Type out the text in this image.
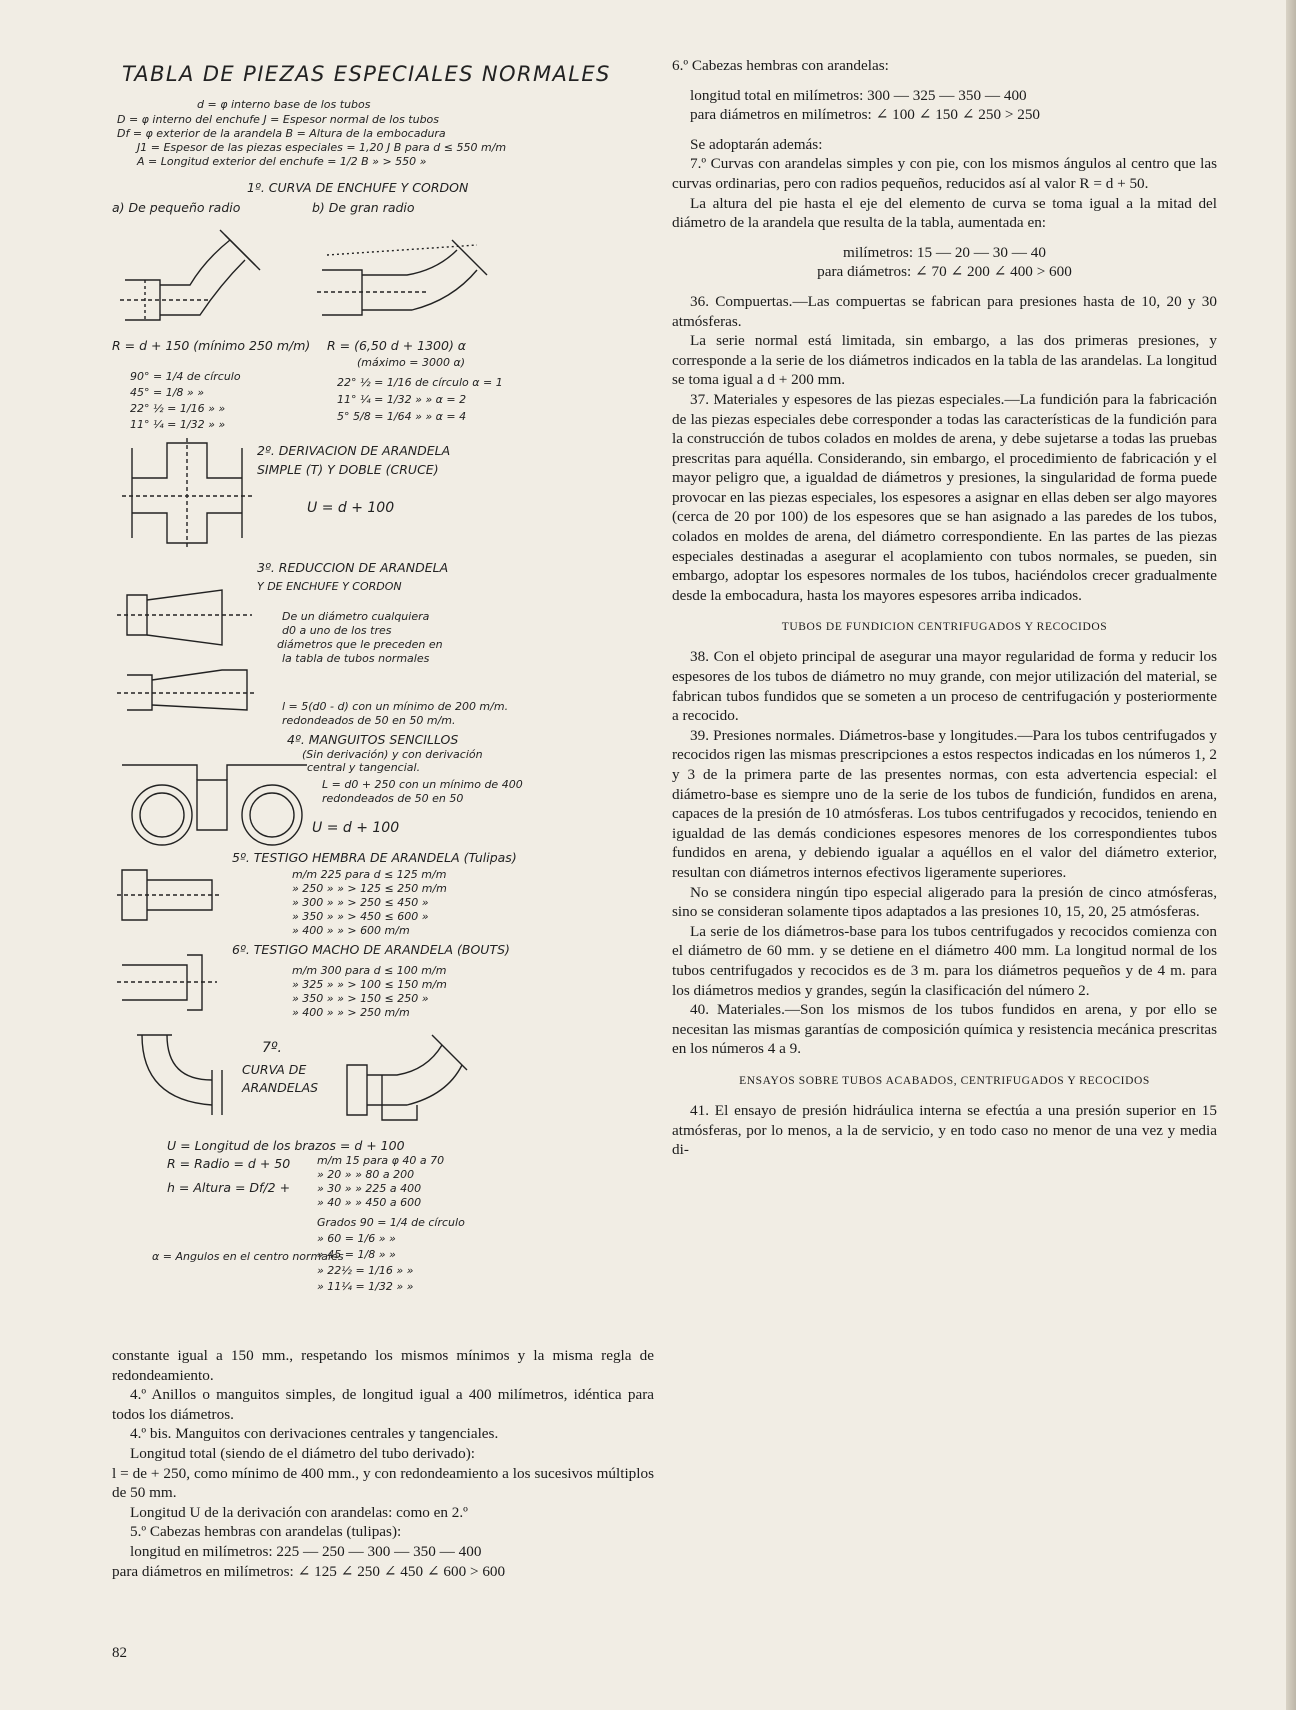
TABLA DE PIEZAS ESPECIALES NORMALES
d = φ interno base de los tubos
D = φ interno del enchufe J = Espesor normal de los tubos
Df = φ exterior de la arandela B = Altura de la embocadura
J1 = Espesor de las piezas especiales = 1,20 J B para d ≤ 550 m/m
A = Longitud exterior del enchufe = 1/2 B » > 550 »
1º. CURVA DE ENCHUFE Y CORDON
a) De pequeño radio	b) De gran radio
R = d + 150 (mínimo 250 m/m) R = (6,50 d + 1300) α
(máximo = 3000 α)
90° = 1/4 de círculo
45° = 1/8 » »
22° ½ = 1/16 » »
11° ¼ = 1/32 » »
22° ½ = 1/16 de círculo α = 1
11° ¼ = 1/32 » » α = 2
5° 5/8 = 1/64 » » α = 4
2º. DERIVACION DE ARANDELA
SIMPLE (T) Y DOBLE (CRUCE)
U = d + 100
3º. REDUCCION DE ARANDELA
Y DE ENCHUFE Y CORDON
De un diámetro cualquiera
d0 a uno de los tres
diámetros que le preceden en
la tabla de tubos normales
l = 5(d0 - d) con un mínimo de 200 m/m.
redondeados de 50 en 50 m/m.
4º. MANGUITOS SENCILLOS
(Sin derivación) y con derivación
central y tangencial.
L = d0 + 250 con un mínimo de 400
redondeados de 50 en 50
U = d + 100
5º. TESTIGO HEMBRA DE ARANDELA (Tulipas)
m/m 225 para d ≤ 125 m/m
» 250 » » > 125 ≤ 250 m/m
» 300 » » > 250 ≤ 450 »
» 350 » » > 450 ≤ 600 »
» 400 » » > 600 m/m
6º. TESTIGO MACHO DE ARANDELA (BOUTS)
m/m 300 para d ≤ 100 m/m
» 325 » » > 100 ≤ 150 m/m
» 350 » » > 150 ≤ 250 »
» 400 » » > 250 m/m
7º.
CURVA DE
ARANDELAS
U = Longitud de los brazos = d + 100
R = Radio = d + 50
h = Altura = Df/2 +
m/m 15 para φ 40 a 70
» 20 » » 80 a 200
» 30 » » 225 a 400
» 40 » » 450 a 600
Grados 90 = 1/4 de círculo
» 60 = 1/6 » »
» 45 = 1/8 » »
» 22½ = 1/16 » »
» 11¼ = 1/32 » »
α = Angulos en el centro normales

constante igual a 150 mm., respetando los mismos mínimos y la misma regla de redondeamiento.

4.º Anillos o manguitos simples, de longitud igual a 400 milímetros, idéntica para todos los diámetros.

4.º bis. Manguitos con derivaciones centrales y tangenciales.

Longitud total (siendo de el diámetro del tubo derivado):

l = de + 250, como mínimo de 400 mm., y con redondeamiento a los sucesivos múltiplos de 50 mm.

Longitud U de la derivación con arandelas: como en 2.º

5.º Cabezas hembras con arandelas (tulipas):

longitud en milímetros: 225 — 250 — 300 — 350 — 400

para diámetros en milímetros: ∠ 125 ∠ 250 ∠ 450 ∠ 600 > 600

6.º Cabezas hembras con arandelas:

longitud total en milímetros: 300 — 325 — 350 — 400

para diámetros en milímetros: ∠ 100 ∠ 150 ∠ 250 > 250

Se adoptarán además:

7.º Curvas con arandelas simples y con pie, con los mismos ángulos al centro que las curvas ordinarias, pero con radios pequeños, reducidos así al valor R = d + 50.

La altura del pie hasta el eje del elemento de curva se toma igual a la mitad del diámetro de la arandela que resulta de la tabla, aumentada en:

milímetros: 15 — 20 — 30 — 40

para diámetros: ∠ 70 ∠ 200 ∠ 400 > 600

36. Compuertas.—Las compuertas se fabrican para presiones hasta de 10, 20 y 30 atmósferas.

La serie normal está limitada, sin embargo, a las dos primeras presiones, y corresponde a la serie de los diámetros indicados en la tabla de las arandelas. La longitud se toma igual a d + 200 mm.

37. Materiales y espesores de las piezas especiales.—La fundición para la fabricación de las piezas especiales debe corresponder a todas las características de la fundición para la construcción de tubos colados en moldes de arena, y debe sujetarse a todas las pruebas prescritas para aquélla. Considerando, sin embargo, el procedimiento de fabricación y el mayor peligro que, a igualdad de diámetros y presiones, la singularidad de forma puede provocar en las piezas especiales, los espesores a asignar en ellas deben ser algo mayores (cerca de 20 por 100) de los espesores que se han asignado a las paredes de los tubos, colados en moldes de arena, del diámetro correspondiente. En las partes de las piezas especiales destinadas a asegurar el acoplamiento con tubos normales, se pueden, sin embargo, adoptar los espesores normales de los tubos, haciéndolos crecer gradualmente desde la embocadura, hasta los mayores espesores arriba indicados.

TUBOS DE FUNDICION CENTRIFUGADOS Y RECOCIDOS

38. Con el objeto principal de asegurar una mayor regularidad de forma y reducir los espesores de los tubos de diámetro no muy grande, con mejor utilización del material, se fabrican tubos fundidos que se someten a un proceso de centrifugación y posteriormente a recocido.

39. Presiones normales. Diámetros-base y longitudes.—Para los tubos centrifugados y recocidos rigen las mismas prescripciones a estos respectos indicadas en los números 1, 2 y 3 de la primera parte de las presentes normas, con esta advertencia especial: el diámetro-base es siempre uno de la serie de los tubos de fundición, fundidos en arena, capaces de la presión de 10 atmósferas. Los tubos centrifugados y recocidos, teniendo en igualdad de las demás condiciones espesores menores de los correspondientes tubos fundidos en arena, y debiendo igualar a aquéllos en el valor del diámetro exterior, resultan con diámetros internos efectivos ligeramente superiores.

No se considera ningún tipo especial aligerado para la presión de cinco atmósferas, sino se consideran solamente tipos adaptados a las presiones 10, 15, 20, 25 atmósferas.

La serie de los diámetros-base para los tubos centrifugados y recocidos comienza con el diámetro de 60 mm. y se detiene en el diámetro 400 mm. La longitud normal de los tubos centrifugados y recocidos es de 3 m. para los diámetros pequeños y de 4 m. para los diámetros medios y grandes, según la clasificación del número 2.

40. Materiales.—Son los mismos de los tubos fundidos en arena, y por ello se necesitan las mismas garantías de composición química y resistencia mecánica prescritas en los números 4 a 9.

ENSAYOS SOBRE TUBOS ACABADOS, CENTRIFUGADOS Y RECOCIDOS

41. El ensayo de presión hidráulica interna se efectúa a una presión superior en 15 atmósferas, por lo menos, a la de servicio, y en todo caso no menor de una vez y media di-

82
